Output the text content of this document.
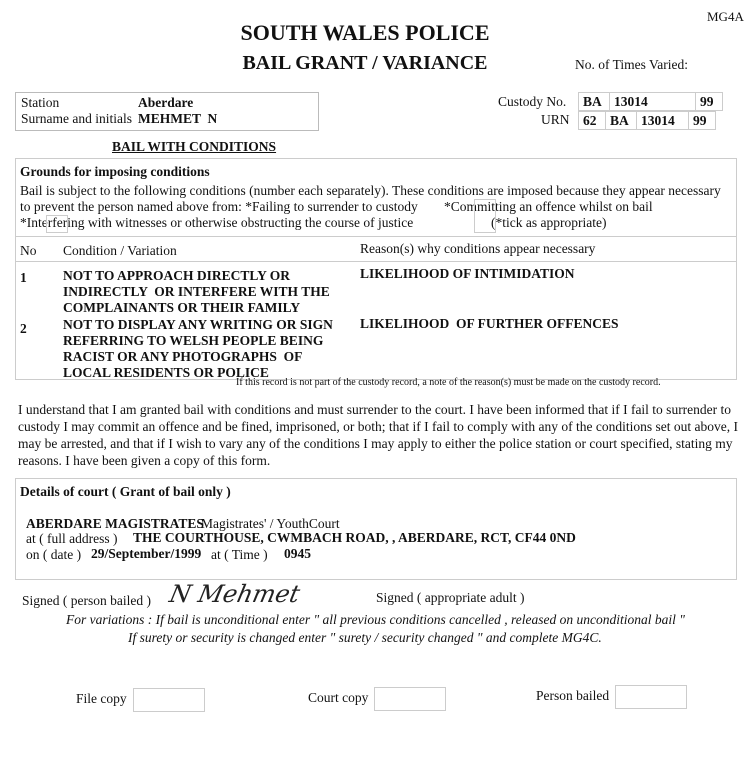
SOUTH WALES POLICE
BAIL GRANT / VARIANCE
MG4A
No. of Times Varied:
Station	Aberdare
Surname and initials MEHMET  N
Custody No.
URN
BA	13014	99
62	BA	13014	99
BAIL WITH CONDITIONS
Grounds for imposing conditions
Bail is subject to the following conditions (number each separately). These conditions are imposed because they appear necessary
to prevent the person named above from: *Failing to surrender to custody *Committing an offence whilst on bail
*Interfering with witnesses or otherwise obstructing the course of justice	(*tick as appropriate)
No Condition / Variation	Reason(s) why conditions appear necessary
1	NOT TO APPROACH DIRECTLY OR
INDIRECTLY  OR INTERFERE WITH THE
COMPLAINANTS OR THEIR FAMILY
LIKELIHOOD OF INTIMIDATION
2	NOT TO DISPLAY ANY WRITING OR SIGN
REFERRING TO WELSH PEOPLE BEING
RACIST OR ANY PHOTOGRAPHS  OF
LOCAL RESIDENTS OR POLICE
LIKELIHOOD  OF FURTHER OFFENCES
If this record is not part of the custody record, a note of the reason(s) must be made on the custody record.
I understand that I am granted bail with conditions and must surrender to the court. I have been informed that if I fail to surrender to
custody I may commit an offence and be fined, imprisoned, or both; that if I fail to comply with any of the conditions set out above, I
may be arrested, and that if I wish to vary any of the conditions I may apply to either the police station or court specified, stating my
reasons. I have been given a copy of this form.
Details of court ( Grant of bail only )
ABERDARE MAGISTRATES
Magistrates' / YouthCourt
at ( full address ) THE COURTHOUSE, CWMBACH ROAD, , ABERDARE, RCT, CF44 0ND
on ( date ) 29/September/1999 at ( Time ) 0945
Signed ( person bailed ) N Mehmet	Signed ( appropriate adult )
For variations : If bail is unconditional enter " all previous conditions cancelled , released on unconditional bail "
If surety or security is changed enter " surety / security changed " and complete MG4C.
File copy	Court copy	Person bailed
